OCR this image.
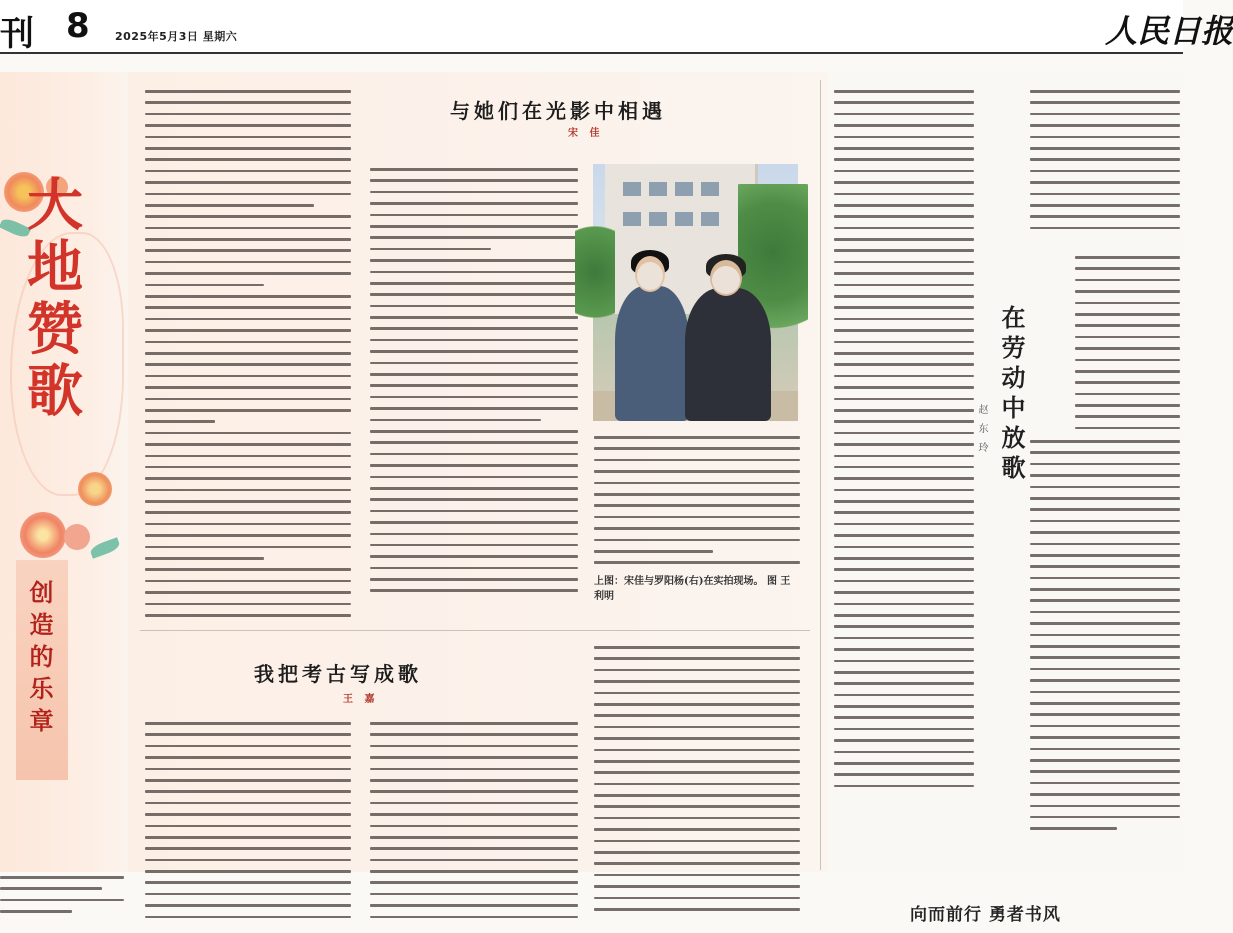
刊 8 2025年5月3日 星期六	人民日报
大地赞歌
创造的乐章
与她们在光影中相遇
宋 佳
上图：宋佳与罗阳杨(右)在实拍现场。 图 王利明
我把考古写成歌
王 嘉
在劳动中放歌
赵 东 玲
向而前行 勇者书风
